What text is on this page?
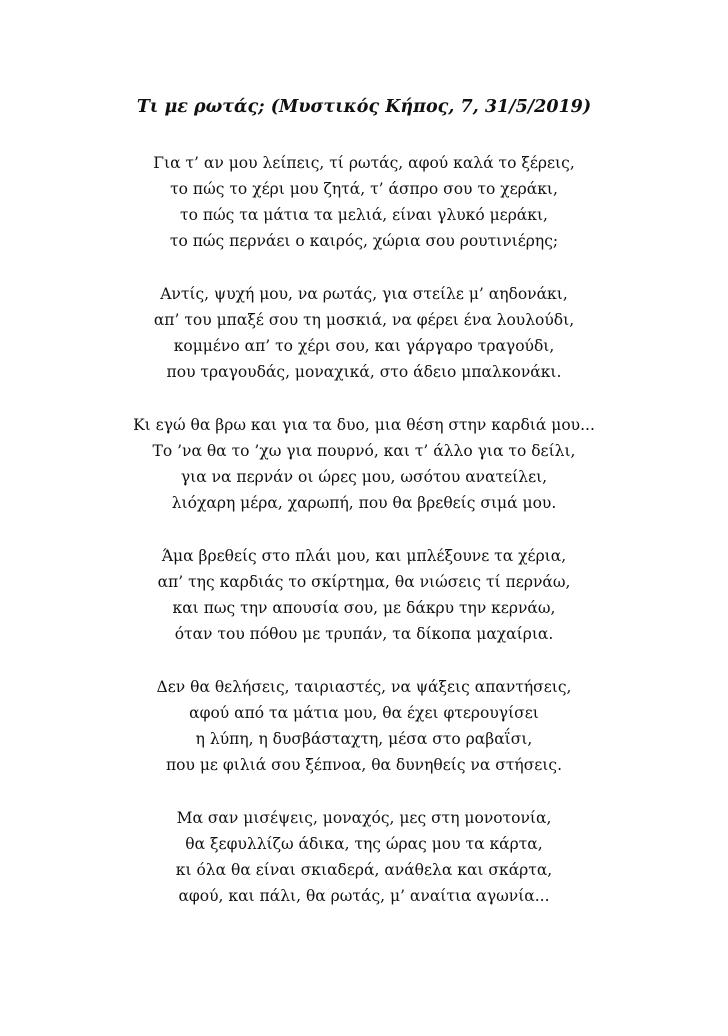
Τι με ρωτάς; (Μυστικός Κήπος, 7, 31/5/2019)
Για τ’ αν μου λείπεις, τί ρωτάς, αφού καλά το ξέρεις,
το πώς το χέρι μου ζητά, τ’ άσπρο σου το χεράκι,
το πώς τα μάτια τα μελιά, είναι γλυκό μεράκι,
το πώς περνάει ο καιρός, χώρια σου ρουτινιέρης;
Αντίς, ψυχή μου, να ρωτάς, για στείλε μ’ αηδονάκι,
απ’ του μπαξέ σου τη μοσκιά, να φέρει ένα λουλούδι,
κομμένο απ’ το χέρι σου, και γάργαρο τραγούδι,
που τραγουδάς, μοναχικά, στο άδειο μπαλκονάκι.
Κι εγώ θα βρω και για τα δυο, μια θέση στην καρδιά μου...
Το ’να θα το ’χω για πουρνό, και τ’ άλλο για το δείλι,
για να περνάν οι ώρες μου, ωσότου ανατείλει,
λιόχαρη μέρα, χαρωπή, που θα βρεθείς σιμά μου.
Άμα βρεθείς στο πλάι μου, και μπλέξουνε τα χέρια,
απ’ της καρδιάς το σκίρτημα, θα νιώσεις τί περνάω,
και πως την απουσία σου, με δάκρυ την κερνάω,
όταν του πόθου με τρυπάν, τα δίκοπα μαχαίρια.
Δεν θα θελήσεις, ταιριαστές, να ψάξεις απαντήσεις,
αφού από τα μάτια μου, θα έχει φτερουγίσει
η λύπη, η δυσβάσταχτη, μέσα στο ραβαΐσι,
που με φιλιά σου ξέπνοα, θα δυνηθείς να στήσεις.
Μα σαν μισέψεις, μοναχός, μες στη μονοτονία,
θα ξεφυλλίζω άδικα, της ώρας μου τα κάρτα,
κι όλα θα είναι σκιαδερά, ανάθελα και σκάρτα,
αφού, και πάλι, θα ρωτάς, μ’ αναίτια αγωνία...
